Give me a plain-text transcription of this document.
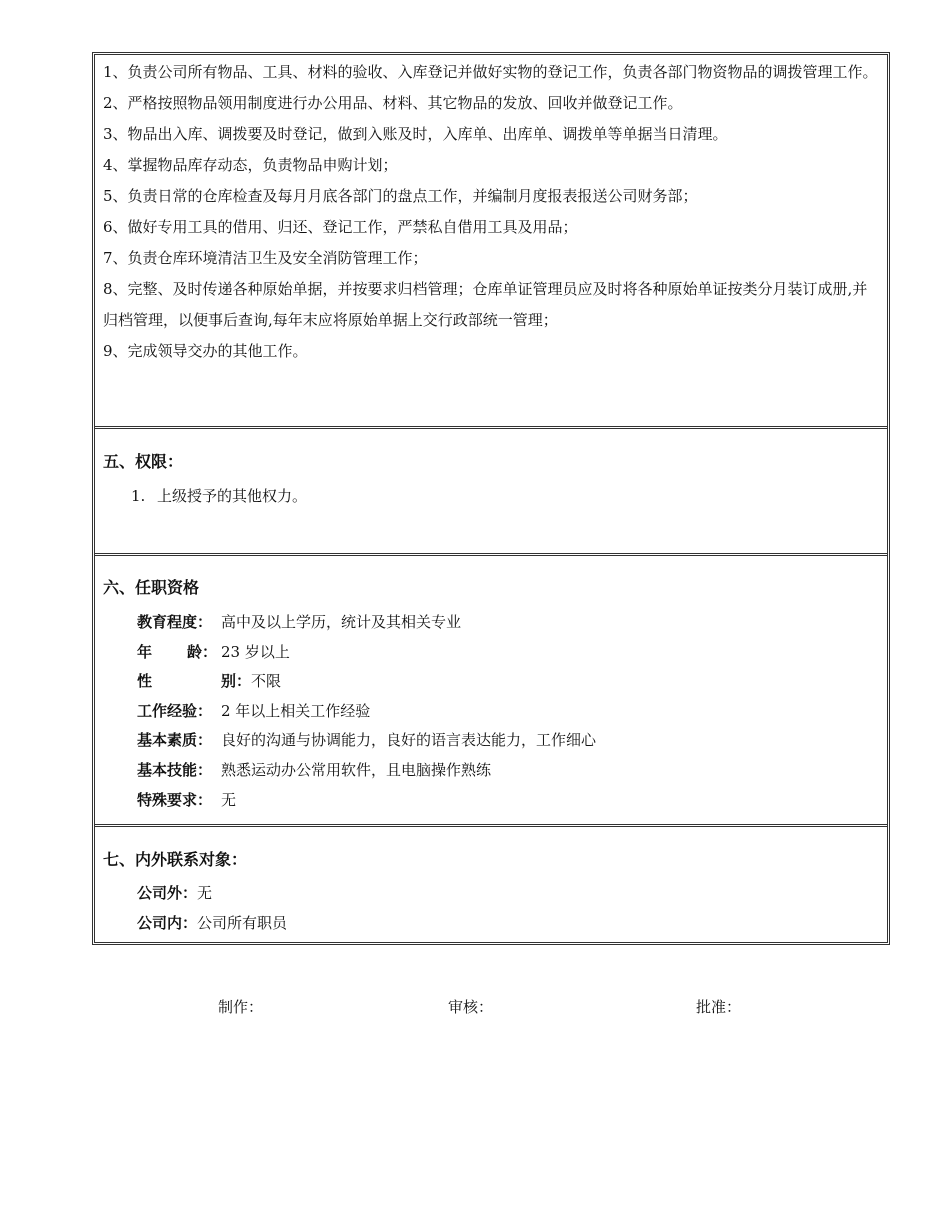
1、负责公司所有物品、工具、材料的验收、入库登记并做好实物的登记工作，负责各部门物资物品的调拨管理工作。

2、严格按照物品领用制度进行办公用品、材料、其它物品的发放、回收并做登记工作。

3、物品出入库、调拨要及时登记，做到入账及时，入库单、出库单、调拨单等单据当日清理。

4、掌握物品库存动态，负责物品申购计划；

5、负责日常的仓库检查及每月月底各部门的盘点工作，并编制月度报表报送公司财务部；

6、做好专用工具的借用、归还、登记工作，严禁私自借用工具及用品；

7、负责仓库环境清洁卫生及安全消防管理工作；

8、完整、及时传递各种原始单据，并按要求归档管理；仓库单证管理员应及时将各种原始单证按类分月装订成册,并归档管理，以便事后查询,每年末应将原始单据上交行政部统一管理；

9、完成领导交办的其他工作。

五、权限：

1. 上级授予的其他权力。

六、任职资格

教育程度： 高中及以上学历，统计及其相关专业

年 龄： 23 岁以上

性	别：不限

工作经验： 2 年以上相关工作经验

基本素质： 良好的沟通与协调能力，良好的语言表达能力，工作细心

基本技能： 熟悉运动办公常用软件，且电脑操作熟练

特殊要求： 无

七、内外联系对象：

公司外：无

公司内：公司所有职员

制作：	审核：	批准：
